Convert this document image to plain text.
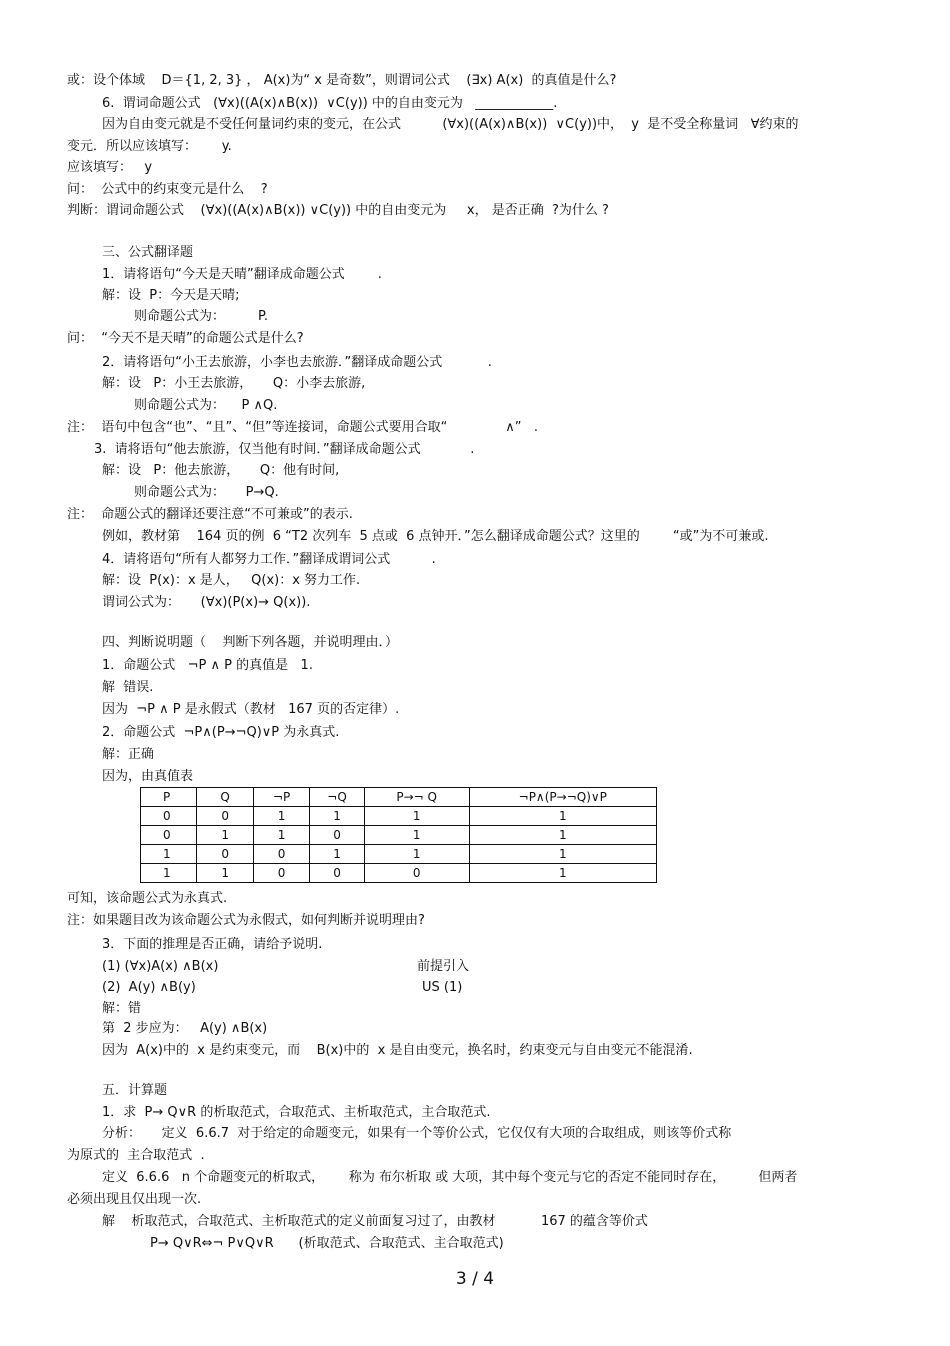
或：设个体域    D＝{1, 2, 3} ， A(x)为“ x 是奇数”，则谓词公式    (∃x) A(x)  的真值是什么?
6.  谓词命题公式   (∀x)((A(x)∧B(x))  ∨C(y)) 中的自由变元为   ____________.
因为自由变元就是不受任何量词约束的变元，在公式          (∀x)((A(x)∧B(x))  ∨C(y))中，  y  是不受全称量词   ∀约束的
变元．所以应该填写：      y.
应该填写：   y
问：  公式中的约束变元是什么    ?
判断：谓词命题公式    (∀x)((A(x)∧B(x)) ∨C(y)) 中的自由变元为     x， 是否正确  ?为什么 ?
三、公式翻译题
1．请将语句“今天是天晴”翻译成命题公式        .
解：设  P：今天是天晴;
则命题公式为：        P.
问：  “今天不是天晴”的命题公式是什么?
2．请将语句“小王去旅游，小李也去旅游．”翻译成命题公式           .
解：设   P：小王去旅游，     Q：小李去旅游,
则命题公式为：    P ∧Q.
注：  语句中包含“也”、“且”、“但”等连接词，命题公式要用合取“              ∧”   .
3.  请将语句“他去旅游，仅当他有时间．”翻译成命题公式            .
解：设   P：他去旅游，     Q：他有时间,
则命题公式为：     P→Q.
注：  命题公式的翻译还要注意“不可兼或”的表示.
例如，教材第    164 页的例  6 “T2 次列车  5 点或  6 点钟开．”怎么翻译成命题公式？这里的        “或”为不可兼或.
4．请将语句“所有人都努力工作．”翻译成谓词公式          .
解：设  P(x)：x 是人，   Q(x)：x 努力工作.
谓词公式为：     (∀x)(P(x)→ Q(x)).
四、判断说明题（    判断下列各题，并说明理由．）
1．命题公式   ¬P ∧ P 的真值是   1.
解  错误.
因为  ¬P ∧ P 是永假式（教材   167 页的否定律）.
2．命题公式  ¬P∧(P→¬Q)∨P 为永真式.
解：正确
因为，由真值表
P	Q	¬P	¬Q	P→¬ Q	¬P∧(P→¬Q)∨P
0	0	1	1	1	1
0	1	1	0	1	1
1	0	0	1	1	1
1	1	0	0	0	1
可知，该命题公式为永真式.
注：如果题目改为该命题公式为永假式，如何判断并说明理由?
3．下面的推理是否正确，请给予说明.
(1) (∀x)A(x) ∧B(x)	前提引入
(2)  A(y) ∧B(y)	US (1)
解：错
第  2 步应为：   A(y) ∧B(x)
因为  A(x)中的  x 是约束变元，而    B(x)中的  x 是自由变元，换名时，约束变元与自由变元不能混淆.
五．计算题
1．求  P→ Q∨R 的析取范式，合取范式、主析取范式，主合取范式.
分析：     定义  6.6.7  对于给定的命题变元，如果有一个等价公式，它仅仅有大项的合取组成，则该等价式称
为原式的  主合取范式  .
定义  6.6.6   n 个命题变元的析取式，      称为 布尔析取 或 大项，其中每个变元与它的否定不能同时存在，        但两者
必须出现且仅出现一次.
解    析取范式，合取范式、主析取范式的定义前面复习过了，由教材           167 的蕴含等价式
P→ Q∨R⇔¬ P∨Q∨R      (析取范式、合取范式、主合取范式)
3 / 4
